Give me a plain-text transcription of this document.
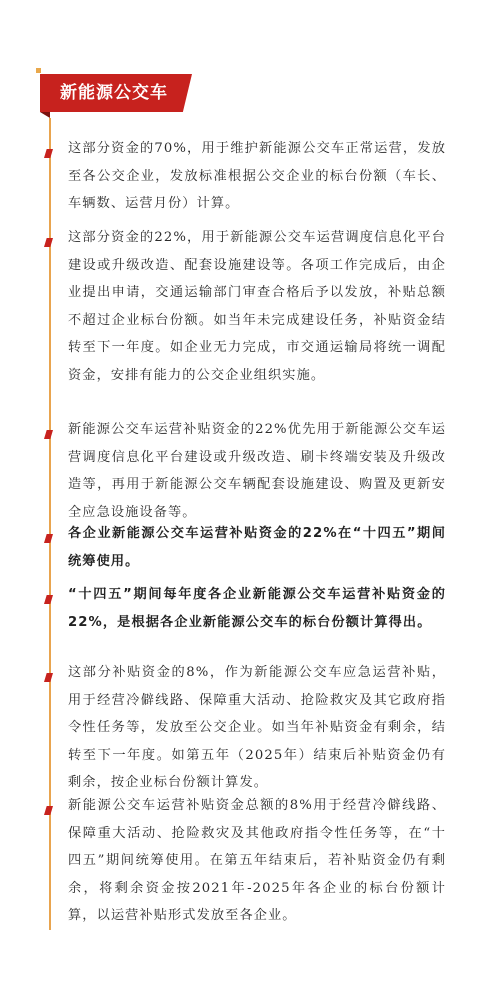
新能源公交车
这部分资金的70%，用于维护新能源公交车正常运营，发放至各公交企业，发放标准根据公交企业的标台份额（车长、车辆数、运营月份）计算。
这部分资金的22%，用于新能源公交车运营调度信息化平台建设或升级改造、配套设施建设等。各项工作完成后，由企业提出申请，交通运输部门审查合格后予以发放，补贴总额不超过企业标台份额。如当年未完成建设任务，补贴资金结转至下一年度。如企业无力完成，市交通运输局将统一调配资金，安排有能力的公交企业组织实施。
新能源公交车运营补贴资金的22%优先用于新能源公交车运营调度信息化平台建设或升级改造、刷卡终端安装及升级改造等，再用于新能源公交车辆配套设施建设、购置及更新安全应急设施设备等。
各企业新能源公交车运营补贴资金的22%在“十四五”期间统筹使用。
“十四五”期间每年度各企业新能源公交车运营补贴资金的22%，是根据各企业新能源公交车的标台份额计算得出。
这部分补贴资金的8%，作为新能源公交车应急运营补贴，用于经营冷僻线路、保障重大活动、抢险救灾及其它政府指令性任务等，发放至公交企业。如当年补贴资金有剩余，结转至下一年度。如第五年（2025年）结束后补贴资金仍有剩余，按企业标台份额计算发。
新能源公交车运营补贴资金总额的8%用于经营冷僻线路、保障重大活动、抢险救灾及其他政府指令性任务等，在“十四五”期间统筹使用。在第五年结束后，若补贴资金仍有剩余，将剩余资金按2021年-2025年各企业的标台份额计算，以运营补贴形式发放至各企业。
